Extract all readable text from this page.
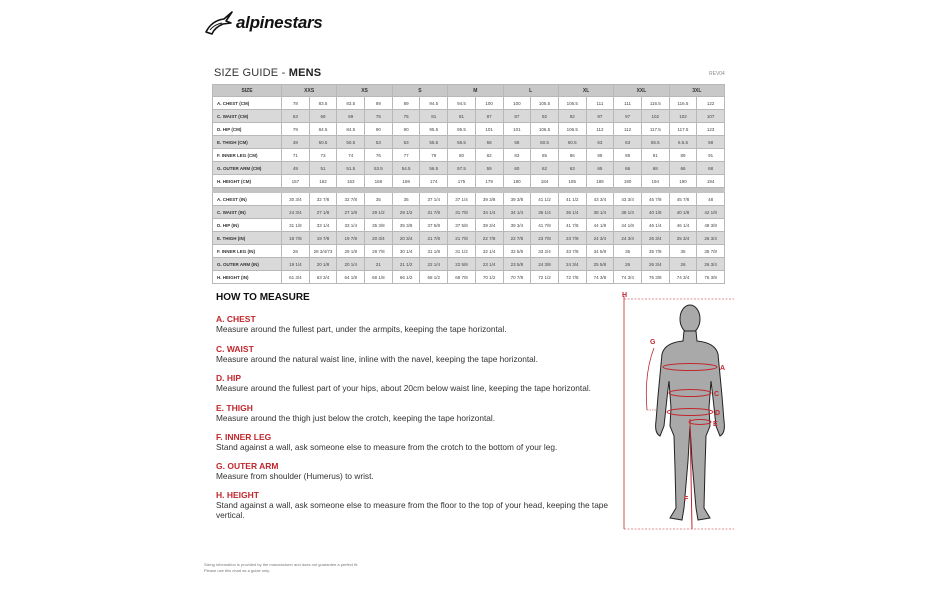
alpinestars
SIZE GUIDE - MENS	REV04
SIZE	XXS		XS		S		M		L		XL		XXL		3XL	
A. CHEST (CM)	78	83.5	83.5	89	89	94.5	94.5	100	100	105.5	105.5	111	111	116.5	116.5	122
C. WAIST (CM)	63	69	69	75	75	81	81	87	87	92	92	97	97	102	102	107
D. HIP (CM)	79	84.5	84.5	90	90	95.5	95.5	101	101	106.5	106.5	112	112	117.5	117.5	123
E. THIGH (CM)	48	50.5	50.5	53	53	55.5	55.5	58	58	60.5	60.5	63	63	65.5	6.5.5	68
F. INNER LEG (CM)	71	73	74	76	77	79	80	82	83	85	86	88	89	91	89	91
G. OUTER ARM (CM)	49	51	51.5	53.5	54.5	56.5	57.5	59	60	62	63	65	66	68	66	68
H. HEIGHT (CM)	157	162	163	168	169	174	175	179	180	184	185	189	190	194	190	194

A. CHEST (IN)	30 3/4	32 7/8	32 7/8	35	35	37 1/4	37 1/4	39 3/8	39 3/8	41 1/2	41 1/2	43 3/4	43 3/4	45 7/8	45 7/8	48
C. WAIST (IN)	24 3/4	27 1/8	27 1/8	29 1/2	29 1/2	31 7/8	31 7/8	34 1/4	34 1/4	36 1/4	36 1/4	38 1/4	38 1/4	40 1/8	40 1/8	42 1/8
D. HIP (IN)	31 1/8	33 1/4	33 1/4	35 3/8	35 3/8	37 5/8	37 5/8	39 3/4	39 3/4	41 7/8	41 7/8	44 1/8	44 1/8	46 1/4	46 1/4	48 3/8
E. THIGH (IN)	18 7/8	19 7/8	19 7/8	20 3/4	20 3/4	21 7/8	21 7/8	22 7/8	22 7/8	23 7/8	23 7/8	24 3/4	24 3/4	25 3/4	25 3/4	26 3/4
F. INNER LEG (IN)	28	28 3/4/73	29 1/8	29 7/8	30 1/4	31 1/8	31 1/2	32 1/4	32 5/8	33 2/4	33 7/8	34 5/8	35	35 7/8	35	35 7/8
G. OUTER ARM (IN)	19 1/4	20 1/8	20 1/4	21	21 1/2	22 1/4	22 5/8	23 1/4	23 5/8	24 3/8	24 3/4	25 5/8	26	26 3/4	26	26 3/4
H. HEIGHT (IN)	61 3/4	63 3/4	64 1/8	66 1/8	66 1/2	68 1/2	68 7/8	70 1/2	70 7/8	72 1/2	72 7/8	74 3/8	74 3/4	76 3/8	74 3/4	76 3/8
HOW TO MEASURE
A. CHEST
Measure around the fullest part, under the armpits, keeping the tape horizontal.
C. WAIST
Measure around the natural waist line, inline with the navel, keeping the tape horizontal.
D. HIP
Measure around the fullest part of your hips, about 20cm below waist line, keeping the tape horizontal.
E. THIGH
Measure around the thigh just below the crotch, keeping the tape horizontal.
F. INNER LEG
Stand against a wall, ask someone else to measure from the crotch to the bottom of your leg.
G. OUTER ARM
Measure from shoulder (Humerus) to wrist.
H. HEIGHT
Stand against a wall, ask someone else to measure from the floor to the top of your head, keeping the tape vertical.
H
G
A
C
D
E
F
Sizing information is provided by the manufacturer and does not guarantee a perfect fit.
Please use this chart as a guide only.
